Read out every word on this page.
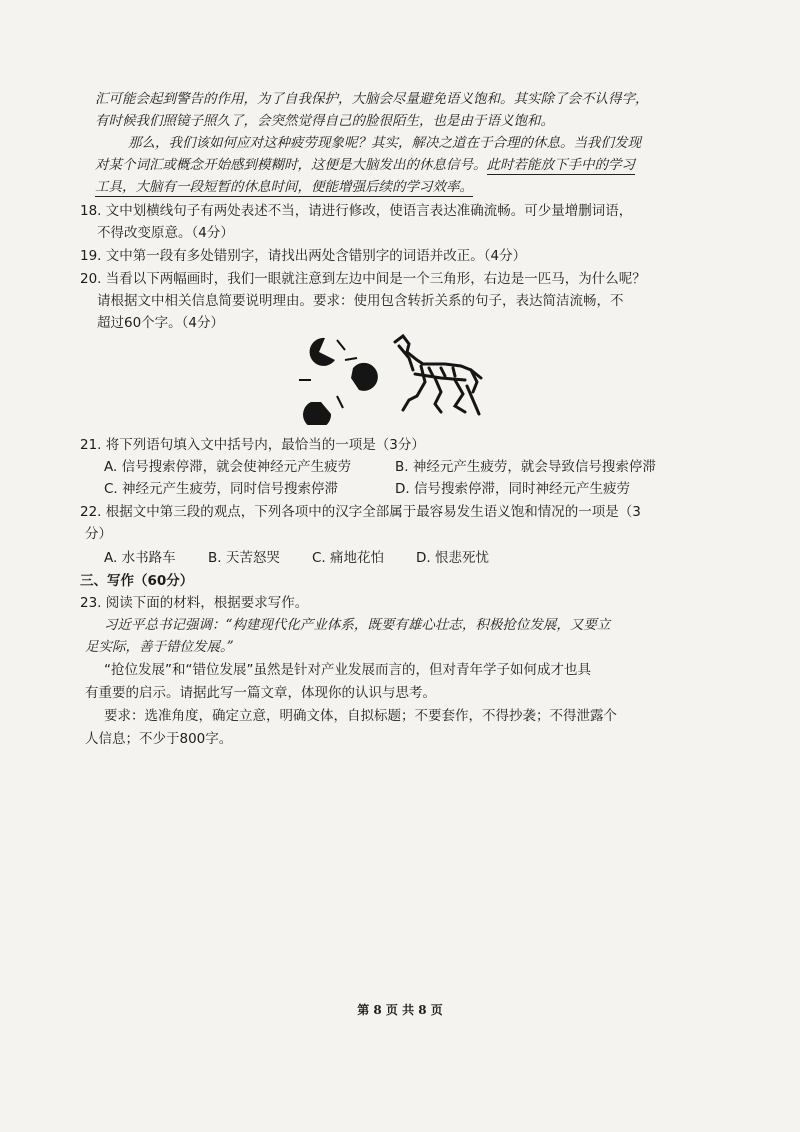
汇可能会起到警告的作用，为了自我保护，大脑会尽量避免语义饱和。其实除了会不认得字，
有时候我们照镜子照久了，会突然觉得自己的脸很陌生，也是由于语义饱和。
那么，我们该如何应对这种疲劳现象呢？其实，解决之道在于合理的休息。当我们发现
对某个词汇或概念开始感到模糊时，这便是大脑发出的休息信号。此时若能放下手中的学习
工具，大脑有一段短暂的休息时间，便能增强后续的学习效率。
18. 文中划横线句子有两处表述不当，请进行修改，使语言表达准确流畅。可少量增删词语，
不得改变原意。（4分）
19. 文中第一段有多处错别字，请找出两处含错别字的词语并改正。（4分）
20. 当看以下两幅画时，我们一眼就注意到左边中间是一个三角形，右边是一匹马，为什么呢？
请根据文中相关信息简要说明理由。要求：使用包含转折关系的句子，表达简洁流畅，不
超过60个字。（4分）
21. 将下列语句填入文中括号内，最恰当的一项是（3分）
A. 信号搜索停滞，就会使神经元产生疲劳	B. 神经元产生疲劳，就会导致信号搜索停滞
C. 神经元产生疲劳，同时信号搜索停滞	D. 信号搜索停滞，同时神经元产生疲劳
22. 根据文中第三段的观点，下列各项中的汉字全部属于最容易发生语义饱和情况的一项是（3
分）
A. 水书路车 B. 天苦怒哭 C. 痛地花怕 D. 恨悲死忧
三、写作（60分）
23. 阅读下面的材料，根据要求写作。
习近平总书记强调：“构建现代化产业体系，既要有雄心壮志，积极抢位发展，又要立
足实际，善于错位发展。”
“抢位发展”和“错位发展”虽然是针对产业发展而言的，但对青年学子如何成才也具
有重要的启示。请据此写一篇文章，体现你的认识与思考。
要求：选准角度，确定立意，明确文体，自拟标题；不要套作，不得抄袭；不得泄露个
人信息；不少于800字。
第 8 页 共 8 页
